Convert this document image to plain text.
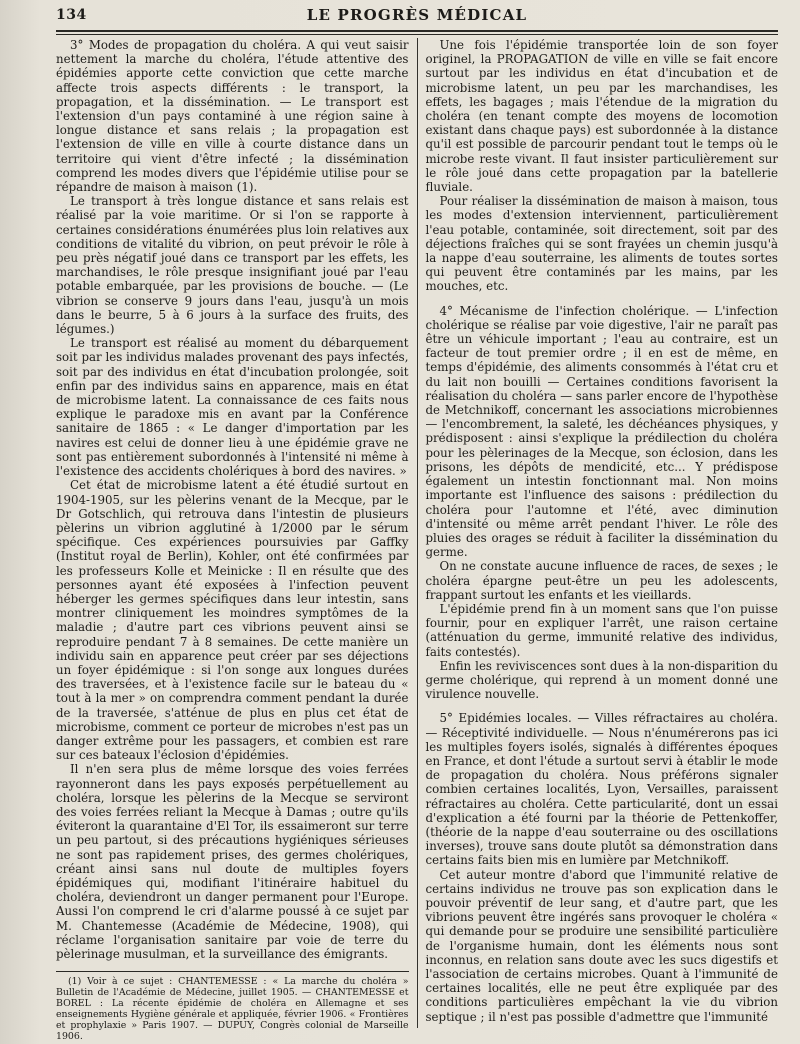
134	LE PROGRÈS MÉDICAL

3° Modes de propagation du choléra. A qui veut saisir nettement la marche du choléra, l'étude attentive des épidémies apporte cette conviction que cette marche affecte trois aspects différents : le transport, la propagation, et la dissémination. — Le transport est l'extension d'un pays contaminé à une région saine à longue distance et sans relais ; la propagation est l'extension de ville en ville à courte distance dans un territoire qui vient d'être infecté ; la dissémination comprend les modes divers que l'épidémie utilise pour se répandre de maison à maison (1).

Le transport à très longue distance et sans relais est réalisé par la voie maritime. Or si l'on se rapporte à certaines considérations énumérées plus loin relatives aux conditions de vitalité du vibrion, on peut prévoir le rôle à peu près négatif joué dans ce transport par les effets, les marchandises, le rôle presque insignifiant joué par l'eau potable embarquée, par les provisions de bouche. — (Le vibrion se conserve 9 jours dans l'eau, jusqu'à un mois dans le beurre, 5 à 6 jours à la surface des fruits, des légumes.)

Le transport est réalisé au moment du débarquement soit par les individus malades provenant des pays infectés, soit par des individus en état d'incubation prolongée, soit enfin par des individus sains en apparence, mais en état de microbisme latent. La connaissance de ces faits nous explique le paradoxe mis en avant par la Conférence sanitaire de 1865 : « Le danger d'importation par les navires est celui de donner lieu à une épidémie grave ne sont pas entièrement subordonnés à l'intensité ni même à l'existence des accidents cholériques à bord des navires. »

Cet état de microbisme latent a été étudié surtout en 1904-1905, sur les pèlerins venant de la Mecque, par le Dr Gotschlich, qui retrouva dans l'intestin de plusieurs pèlerins un vibrion agglutiné à 1/2000 par le sérum spécifique. Ces expériences poursuivies par Gaffky (Institut royal de Berlin), Kohler, ont été confirmées par les professeurs Kolle et Meinicke : Il en résulte que des personnes ayant été exposées à l'infection peuvent héberger les germes spécifiques dans leur intestin, sans montrer cliniquement les moindres symptômes de la maladie ; d'autre part ces vibrions peuvent ainsi se reproduire pendant 7 à 8 semaines. De cette manière un individu sain en apparence peut créer par ses déjections un foyer épidémique : si l'on songe aux longues durées des traversées, et à l'existence facile sur le bateau du « tout à la mer » on comprendra comment pendant la durée de la traversée, s'atténue de plus en plus cet état de microbisme, comment ce porteur de microbes n'est pas un danger extrême pour les passagers, et combien est rare sur ces bateaux l'éclosion d'épidémies.

Il n'en sera plus de même lorsque des voies ferrées rayonneront dans les pays exposés perpétuellement au choléra, lorsque les pèlerins de la Mecque se serviront des voies ferrées reliant la Mecque à Damas ; outre qu'ils éviteront la quarantaine d'El Tor, ils essaimeront sur terre un peu partout, si des précautions hygiéniques sérieuses ne sont pas rapidement prises, des germes cholériques, créant ainsi sans nul doute de multiples foyers épidémiques qui, modifiant l'itinéraire habituel du choléra, deviendront un danger permanent pour l'Europe. Aussi l'on comprend le cri d'alarme poussé à ce sujet par M. Chantemesse (Académie de Médecine, 1908), qui réclame l'organisation sanitaire par voie de terre du pèlerinage musulman, et la surveillance des émigrants.

(1) Voir à ce sujet : CHANTEMESSE : « La marche du choléra » Bulletin de l'Académie de Médecine, juillet 1905. — CHANTEMESSE et BOREL : La récente épidémie de choléra en Allemagne et ses enseignements Hygiène générale et appliquée, février 1906. « Frontières et prophylaxie » Paris 1907. — DUPUY, Congrès colonial de Marseille 1906.

Une fois l'épidémie transportée loin de son foyer originel, la PROPAGATION de ville en ville se fait encore surtout par les individus en état d'incubation et de microbisme latent, un peu par les marchandises, les effets, les bagages ; mais l'étendue de la migration du choléra (en tenant compte des moyens de locomotion existant dans chaque pays) est subordonnée à la distance qu'il est possible de parcourir pendant tout le temps où le microbe reste vivant. Il faut insister particulièrement sur le rôle joué dans cette propagation par la batellerie fluviale.

Pour réaliser la dissémination de maison à maison, tous les modes d'extension interviennent, particulièrement l'eau potable, contaminée, soit directement, soit par des déjections fraîches qui se sont frayées un chemin jusqu'à la nappe d'eau souterraine, les aliments de toutes sortes qui peuvent être contaminés par les mains, par les mouches, etc.

4° Mécanisme de l'infection cholérique. — L'infection cholérique se réalise par voie digestive, l'air ne paraît pas être un véhicule important ; l'eau au contraire, est un facteur de tout premier ordre ; il en est de même, en temps d'épidémie, des aliments consommés à l'état cru et du lait non bouilli — Certaines conditions favorisent la réalisation du choléra — sans parler encore de l'hypothèse de Metchnikoff, concernant les associations microbiennes — l'encombrement, la saleté, les déchéances physiques, y prédisposent : ainsi s'explique la prédilection du choléra pour les pèlerinages de la Mecque, son éclosion, dans les prisons, les dépôts de mendicité, etc... Y prédispose également un intestin fonctionnant mal. Non moins importante est l'influence des saisons : prédilection du choléra pour l'automne et l'été, avec diminution d'intensité ou même arrêt pendant l'hiver. Le rôle des pluies des orages se réduit à faciliter la dissémination du germe.

On ne constate aucune influence de races, de sexes ; le choléra épargne peut-être un peu les adolescents, frappant surtout les enfants et les vieillards.

L'épidémie prend fin à un moment sans que l'on puisse fournir, pour en expliquer l'arrêt, une raison certaine (atténuation du germe, immunité relative des individus, faits contestés).

Enfin les reviviscences sont dues à la non-disparition du germe cholérique, qui reprend à un moment donné une virulence nouvelle.

5° Epidémies locales. — Villes réfractaires au choléra. — Réceptivité individuelle. — Nous n'énumérerons pas ici les multiples foyers isolés, signalés à différentes époques en France, et dont l'étude a surtout servi à établir le mode de propagation du choléra. Nous préférons signaler combien certaines localités, Lyon, Versailles, paraissent réfractaires au choléra. Cette particularité, dont un essai d'explication a été fourni par la théorie de Pettenkoffer, (théorie de la nappe d'eau souterraine ou des oscillations inverses), trouve sans doute plutôt sa démonstration dans certains faits bien mis en lumière par Metchnikoff.

Cet auteur montre d'abord que l'immunité relative de certains individus ne trouve pas son explication dans le pouvoir préventif de leur sang, et d'autre part, que les vibrions peuvent être ingérés sans provoquer le choléra « qui demande pour se produire une sensibilité particulière de l'organisme humain, dont les éléments nous sont inconnus, en relation sans doute avec les sucs digestifs et l'association de certains microbes. Quant à l'immunité de certaines localités, elle ne peut être expliquée par des conditions particulières empêchant la vie du vibrion septique ; il n'est pas possible d'admettre que l'immunité
